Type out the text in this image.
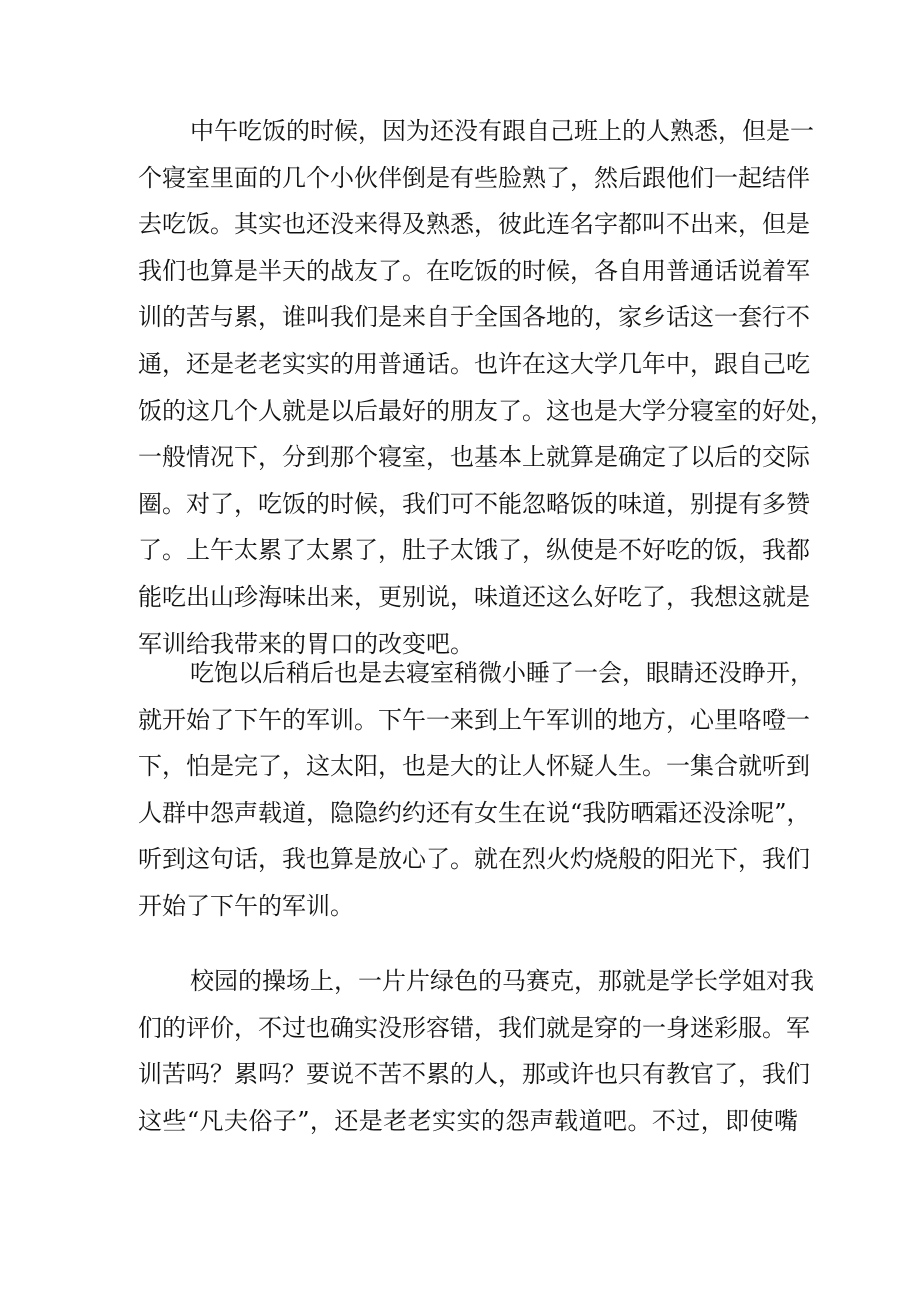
中午吃饭的时候，因为还没有跟自己班上的人熟悉，但是一
个寝室里面的几个小伙伴倒是有些脸熟了，然后跟他们一起结伴
去吃饭。其实也还没来得及熟悉，彼此连名字都叫不出来，但是
我们也算是半天的战友了。在吃饭的时候，各自用普通话说着军
训的苦与累，谁叫我们是来自于全国各地的，家乡话这一套行不
通，还是老老实实的用普通话。也许在这大学几年中，跟自己吃
饭的这几个人就是以后最好的朋友了。这也是大学分寝室的好处，
一般情况下，分到那个寝室，也基本上就算是确定了以后的交际
圈。对了，吃饭的时候，我们可不能忽略饭的味道，别提有多赞
了。上午太累了太累了，肚子太饿了，纵使是不好吃的饭，我都
能吃出山珍海味出来，更别说，味道还这么好吃了，我想这就是
军训给我带来的胃口的改变吧。
吃饱以后稍后也是去寝室稍微小睡了一会，眼睛还没睁开，
就开始了下午的军训。下午一来到上午军训的地方，心里咯噔一
下，怕是完了，这太阳，也是大的让人怀疑人生。一集合就听到
人群中怨声载道，隐隐约约还有女生在说“我防晒霜还没涂呢”，
听到这句话，我也算是放心了。就在烈火灼烧般的阳光下，我们
开始了下午的军训。
校园的操场上，一片片绿色的马赛克，那就是学长学姐对我
们的评价，不过也确实没形容错，我们就是穿的一身迷彩服。军
训苦吗？累吗？要说不苦不累的人，那或许也只有教官了，我们
这些“凡夫俗子”，还是老老实实的怨声载道吧。不过，即使嘴
